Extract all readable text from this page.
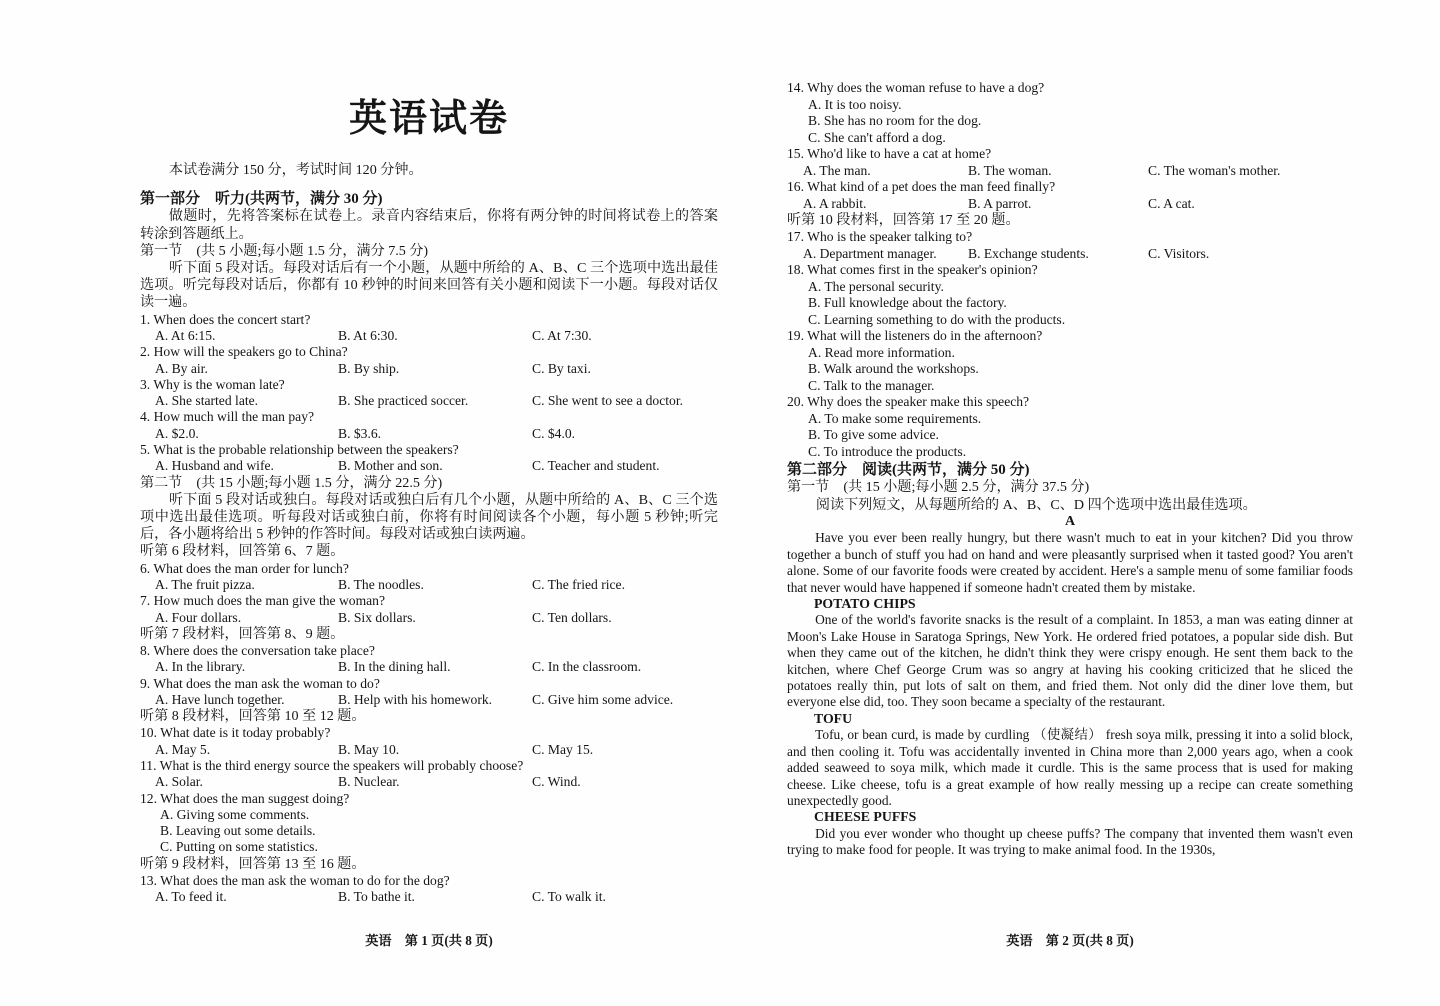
英语试卷
本试卷满分 150 分，考试时间 120 分钟。
第一部分　听力(共两节，满分 30 分)
做题时，先将答案标在试卷上。录音内容结束后，你将有两分钟的时间将试卷上的答案转涂到答题纸上。
第一节　(共 5 小题;每小题 1.5 分，满分 7.5 分)
听下面 5 段对话。每段对话后有一个小题，从题中所给的 A、B、C 三个选项中选出最佳选项。听完每段对话后，你都有 10 秒钟的时间来回答有关小题和阅读下一小题。每段对话仅读一遍。
1. When does the concert start?
A. At 6:15.	B. At 6:30.	C. At 7:30.
2. How will the speakers go to China?
A. By air.	B. By ship.	C. By taxi.
3. Why is the woman late?
A. She started late.	B. She practiced soccer.	C. She went to see a doctor.
4. How much will the man pay?
A. $2.0.	B. $3.6.	C. $4.0.
5. What is the probable relationship between the speakers?
A. Husband and wife.	B. Mother and son.	C. Teacher and student.
第二节　(共 15 小题;每小题 1.5 分，满分 22.5 分)
听下面 5 段对话或独白。每段对话或独白后有几个小题，从题中所给的 A、B、C 三个选项中选出最佳选项。听每段对话或独白前，你将有时间阅读各个小题，每小题 5 秒钟;听完后，各小题将给出 5 秒钟的作答时间。每段对话或独白读两遍。
听第 6 段材料，回答第 6、7 题。
6. What does the man order for lunch?
A. The fruit pizza.	B. The noodles.	C. The fried rice.
7. How much does the man give the woman?
A. Four dollars.	B. Six dollars.	C. Ten dollars.
听第 7 段材料，回答第 8、9 题。
8. Where does the conversation take place?
A. In the library.	B. In the dining hall.	C. In the classroom.
9. What does the man ask the woman to do?
A. Have lunch together.	B. Help with his homework.	C. Give him some advice.
听第 8 段材料，回答第 10 至 12 题。
10. What date is it today probably?
A. May 5.	B. May 10.	C. May 15.
11. What is the third energy source the speakers will probably choose?
A. Solar.	B. Nuclear.	C. Wind.
12. What does the man suggest doing?
A. Giving some comments.
B. Leaving out some details.
C. Putting on some statistics.
听第 9 段材料，回答第 13 至 16 题。
13. What does the man ask the woman to do for the dog?
A. To feed it.	B. To bathe it.	C. To walk it.
英语　第 1 页(共 8 页)
14. Why does the woman refuse to have a dog?
A. It is too noisy.
B. She has no room for the dog.
C. She can't afford a dog.
15. Who'd like to have a cat at home?
A. The man.	B. The woman.	C. The woman's mother.
16. What kind of a pet does the man feed finally?
A. A rabbit.	B. A parrot.	C. A cat.
听第 10 段材料，回答第 17 至 20 题。
17. Who is the speaker talking to?
A. Department manager. B. Exchange students.	C. Visitors.
18. What comes first in the speaker's opinion?
A. The personal security.
B. Full knowledge about the factory.
C. Learning something to do with the products.
19. What will the listeners do in the afternoon?
A. Read more information.
B. Walk around the workshops.
C. Talk to the manager.
20. Why does the speaker make this speech?
A. To make some requirements.
B. To give some advice.
C. To introduce the products.
第二部分　阅读(共两节，满分 50 分)
第一节　(共 15 小题;每小题 2.5 分，满分 37.5 分)
阅读下列短文，从每题所给的 A、B、C、D 四个选项中选出最佳选项。
A
Have you ever been really hungry, but there wasn't much to eat in your kitchen? Did you throw together a bunch of stuff you had on hand and were pleasantly surprised when it tasted good? You aren't alone. Some of our favorite foods were created by accident. Here's a sample menu of some familiar foods that never would have happened if someone hadn't created them by mistake.
POTATO CHIPS
One of the world's favorite snacks is the result of a complaint. In 1853, a man was eating dinner at Moon's Lake House in Saratoga Springs, New York. He ordered fried potatoes, a popular side dish. But when they came out of the kitchen, he didn't think they were crispy enough. He sent them back to the kitchen, where Chef George Crum was so angry at having his cooking criticized that he sliced the potatoes really thin, put lots of salt on them, and fried them. Not only did the diner love them, but everyone else did, too. They soon became a specialty of the restaurant.
TOFU
Tofu, or bean curd, is made by curdling （使凝结） fresh soya milk, pressing it into a solid block, and then cooling it. Tofu was accidentally invented in China more than 2,000 years ago, when a cook added seaweed to soya milk, which made it curdle. This is the same process that is used for making cheese. Like cheese, tofu is a great example of how really messing up a recipe can create something unexpectedly good.
CHEESE PUFFS
Did you ever wonder who thought up cheese puffs? The company that invented them wasn't even trying to make food for people. It was trying to make animal food. In the 1930s,
英语　第 2 页(共 8 页)
